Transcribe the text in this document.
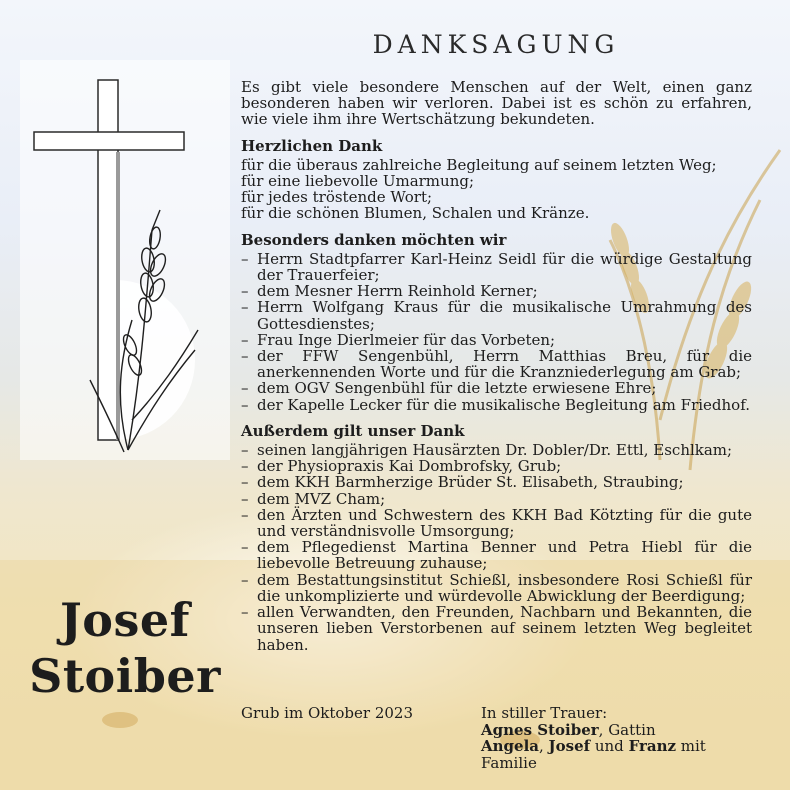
Josef
Stoiber
DANKSAGUNG

Es gibt viele besondere Menschen auf der Welt, einen ganz besonderen haben wir verloren. Dabei ist es schön zu erfahren, wie viele ihm ihre Wertschätzung bekundeten.

Herzlichen Dank
für die überaus zahlreiche Begleitung auf seinem letzten Weg;
für eine liebevolle Umarmung;
für jedes tröstende Wort;
für die schönen Blumen, Schalen und Kränze.
Besonders danken möchten wir
– Herrn Stadtpfarrer Karl-Heinz Seidl für die würdige Gestaltung der Trauerfeier;
– dem Mesner Herrn Reinhold Kerner;
– Herrn Wolfgang Kraus für die musikalische Umrahmung des Gottesdienstes;
– Frau Inge Dierlmeier für das Vorbeten;
– der FFW Sengenbühl, Herrn Matthias Breu, für die anerkennenden Worte und für die Kranzniederlegung am Grab;
– dem OGV Sengenbühl für die letzte erwiesene Ehre;
– der Kapelle Lecker für die musikalische Begleitung am Friedhof.
Außerdem gilt unser Dank
– seinen langjährigen Hausärzten Dr. Dobler/Dr. Ettl, Eschlkam;
– der Physiopraxis Kai Dombrofsky, Grub;
– dem KKH Barmherzige Brüder St. Elisabeth, Straubing;
– dem MVZ Cham;
– den Ärzten und Schwestern des KKH Bad Kötzting für die gute und verständnisvolle Umsorgung;
– dem Pflegedienst Martina Benner und Petra Hiebl für die liebevolle Betreuung zuhause;
– dem Bestattungsinstitut Schießl, insbesondere Rosi Schießl für die unkomplizierte und würdevolle Abwicklung der Beerdigung;
– allen Verwandten, den Freunden, Nachbarn und Bekannten, die unseren lieben Verstorbenen auf seinem letzten Weg begleitet haben.
Grub im Oktober 2023	In stiller Trauer:
Agnes Stoiber, Gattin
Angela, Josef und Franz mit Familie
